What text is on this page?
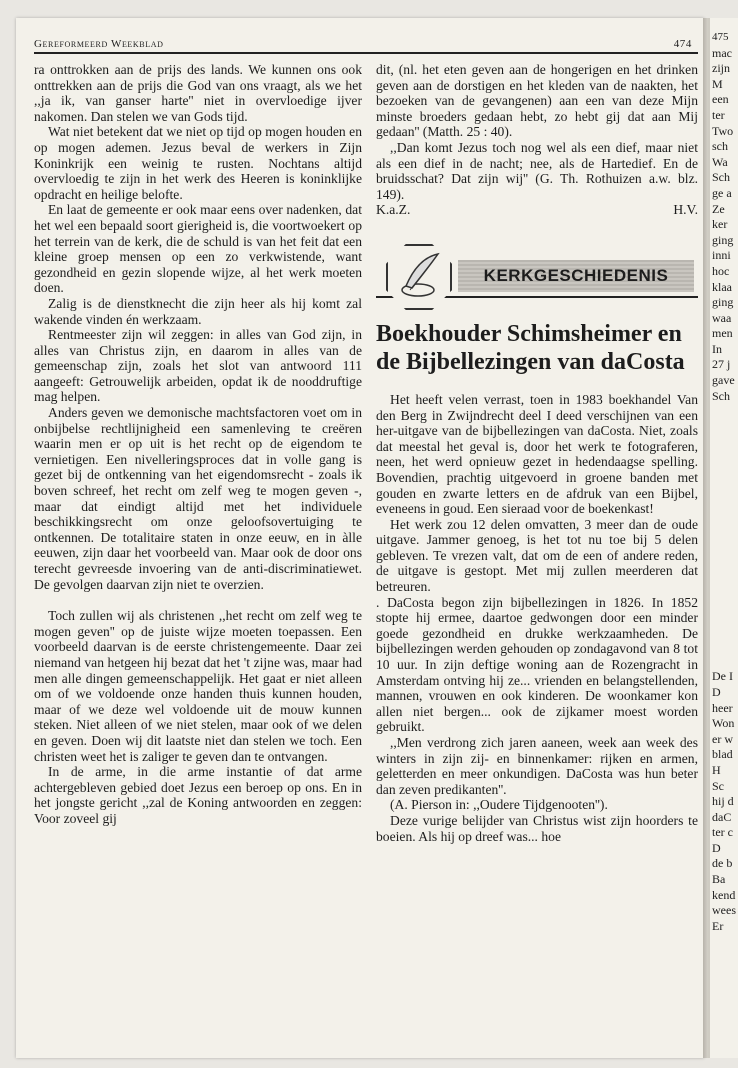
Gereformeerd Weekblad	474

ra onttrokken aan de prijs des lands. We kunnen ons ook onttrekken aan de prijs die God van ons vraagt, als we het ,,ja ik, van ganser harte'' niet in overvloedige ijver nakomen. Dan stelen we van Gods tijd.

Wat niet betekent dat we niet op tijd op mogen houden en op mogen ademen. Jezus beval de werkers in Zijn Koninkrijk een weinig te rusten. Nochtans altijd overvloedig te zijn in het werk des Heeren is koninklijke opdracht en heilige belofte.

En laat de gemeente er ook maar eens over nadenken, dat het wel een bepaald soort gierigheid is, die voortwoekert op het terrein van de kerk, die de schuld is van het feit dat een kleine groep mensen op een zo verkwistende, want gezondheid en gezin slopende wijze, al het werk moeten doen.

Zalig is de dienstknecht die zijn heer als hij komt zal wakende vinden én werkzaam.

Rentmeester zijn wil zeggen: in alles van God zijn, in alles van Christus zijn, en daarom in alles van de gemeenschap zijn, zoals het slot van antwoord 111 aangeeft: Getrouwelijk arbeiden, opdat ik de nooddruftige mag helpen.

Anders geven we demonische machtsfactoren voet om in onbijbelse rechtlijnigheid een samenleving te creëren waarin men er op uit is het recht op de eigendom te vernietigen. Een nivelleringsproces dat in volle gang is gezet bij de ontkenning van het eigendomsrecht - zoals ik boven schreef, het recht om zelf weg te mogen geven -, maar dat eindigt altijd met het individuele beschikkingsrecht om onze geloofsovertuiging te ontkennen. De totalitaire staten in onze eeuw, en in àlle eeuwen, zijn daar het voorbeeld van. Maar ook de door ons terecht gevreesde invoering van de anti-discriminatiewet. De gevolgen daarvan zijn niet te overzien.

Toch zullen wij als christenen ,,het recht om zelf weg te mogen geven'' op de juiste wijze moeten toepassen. Een voorbeeld daarvan is de eerste christengemeente. Daar zei niemand van hetgeen hij bezat dat het 't zijne was, maar had men alle dingen gemeenschappelijk. Het gaat er niet alleen om of we voldoende onze handen thuis kunnen houden, maar of we deze wel voldoende uit de mouw kunnen steken. Niet alleen of we niet stelen, maar ook of we delen en geven. Doen wij dit laatste niet dan stelen we toch. Een christen weet het is zaliger te geven dan te ontvangen.

In de arme, in die arme instantie of dat arme achtergebleven gebied doet Jezus een beroep op ons. En in het jongste gericht ,,zal de Koning antwoorden en zeggen: Voor zoveel gij

dit, (nl. het eten geven aan de hongerigen en het drinken geven aan de dorstigen en het kleden van de naakten, het bezoeken van de gevangenen) aan een van deze Mijn minste broeders gedaan hebt, zo hebt gij dat aan Mij gedaan'' (Matth. 25 : 40).

,,Dan komt Jezus toch nog wel als een dief, maar niet als een dief in de nacht; nee, als de Hartedief. En de bruidsschat? Dat zijn wij'' (G. Th. Rothuizen a.w. blz. 149).

K.a.Z.	H.V.
KERKGESCHIEDENIS
Boekhouder Schimsheimer en de Bijbellezingen van daCosta

Het heeft velen verrast, toen in 1983 boekhandel Van den Berg in Zwijndrecht deel I deed verschijnen van een her-uitgave van de bijbellezingen van daCosta. Niet, zoals dat meestal het geval is, door het werk te fotograferen, neen, het werd opnieuw gezet in hedendaagse spelling. Bovendien, prachtig uitgevoerd in groene banden met gouden en zwarte letters en de afdruk van een Bijbel, eveneens in goud. Een sieraad voor de boekenkast!

Het werk zou 12 delen omvatten, 3 meer dan de oude uitgave. Jammer genoeg, is het tot nu toe bij 5 delen gebleven. Te vrezen valt, dat om de een of andere reden, de uitgave is gestopt. Met mij zullen meerderen dat betreuren.

. DaCosta begon zijn bijbellezingen in 1826. In 1852 stopte hij ermee, daartoe gedwongen door een minder goede gezondheid en drukke werkzaamheden. De bijbellezingen werden gehouden op zondagavond van 8 tot 10 uur. In zijn deftige woning aan de Rozengracht in Amsterdam ontving hij ze... vrienden en belangstellenden, mannen, vrouwen en ook kinderen. De woonkamer kon allen niet bergen... ook de zijkamer moest worden gebruikt.

,,Men verdrong zich jaren aaneen, week aan week des winters in zijn zij- en binnenkamer: rijken en armen, geletterden en meer onkundigen. DaCosta was hun beter dan zeven predikanten''.

(A. Pierson in: ,,Oudere Tijdgenooten'').

Deze vurige belijder van Christus wist zijn hoorders te boeien. Als hij op dreef was... hoe

475
mac
zijn
M
een
ter
Two
sch
Wa
Sch
ge a
Ze
ker
ging
inni
hoc
klaa
ging
waa
men
In
27 j
gave
Sch

De I
D
heer
Won
er w
blad
H
Sc
hij d
daC
ter c
D
de b
Ba
kend
wees
Er
